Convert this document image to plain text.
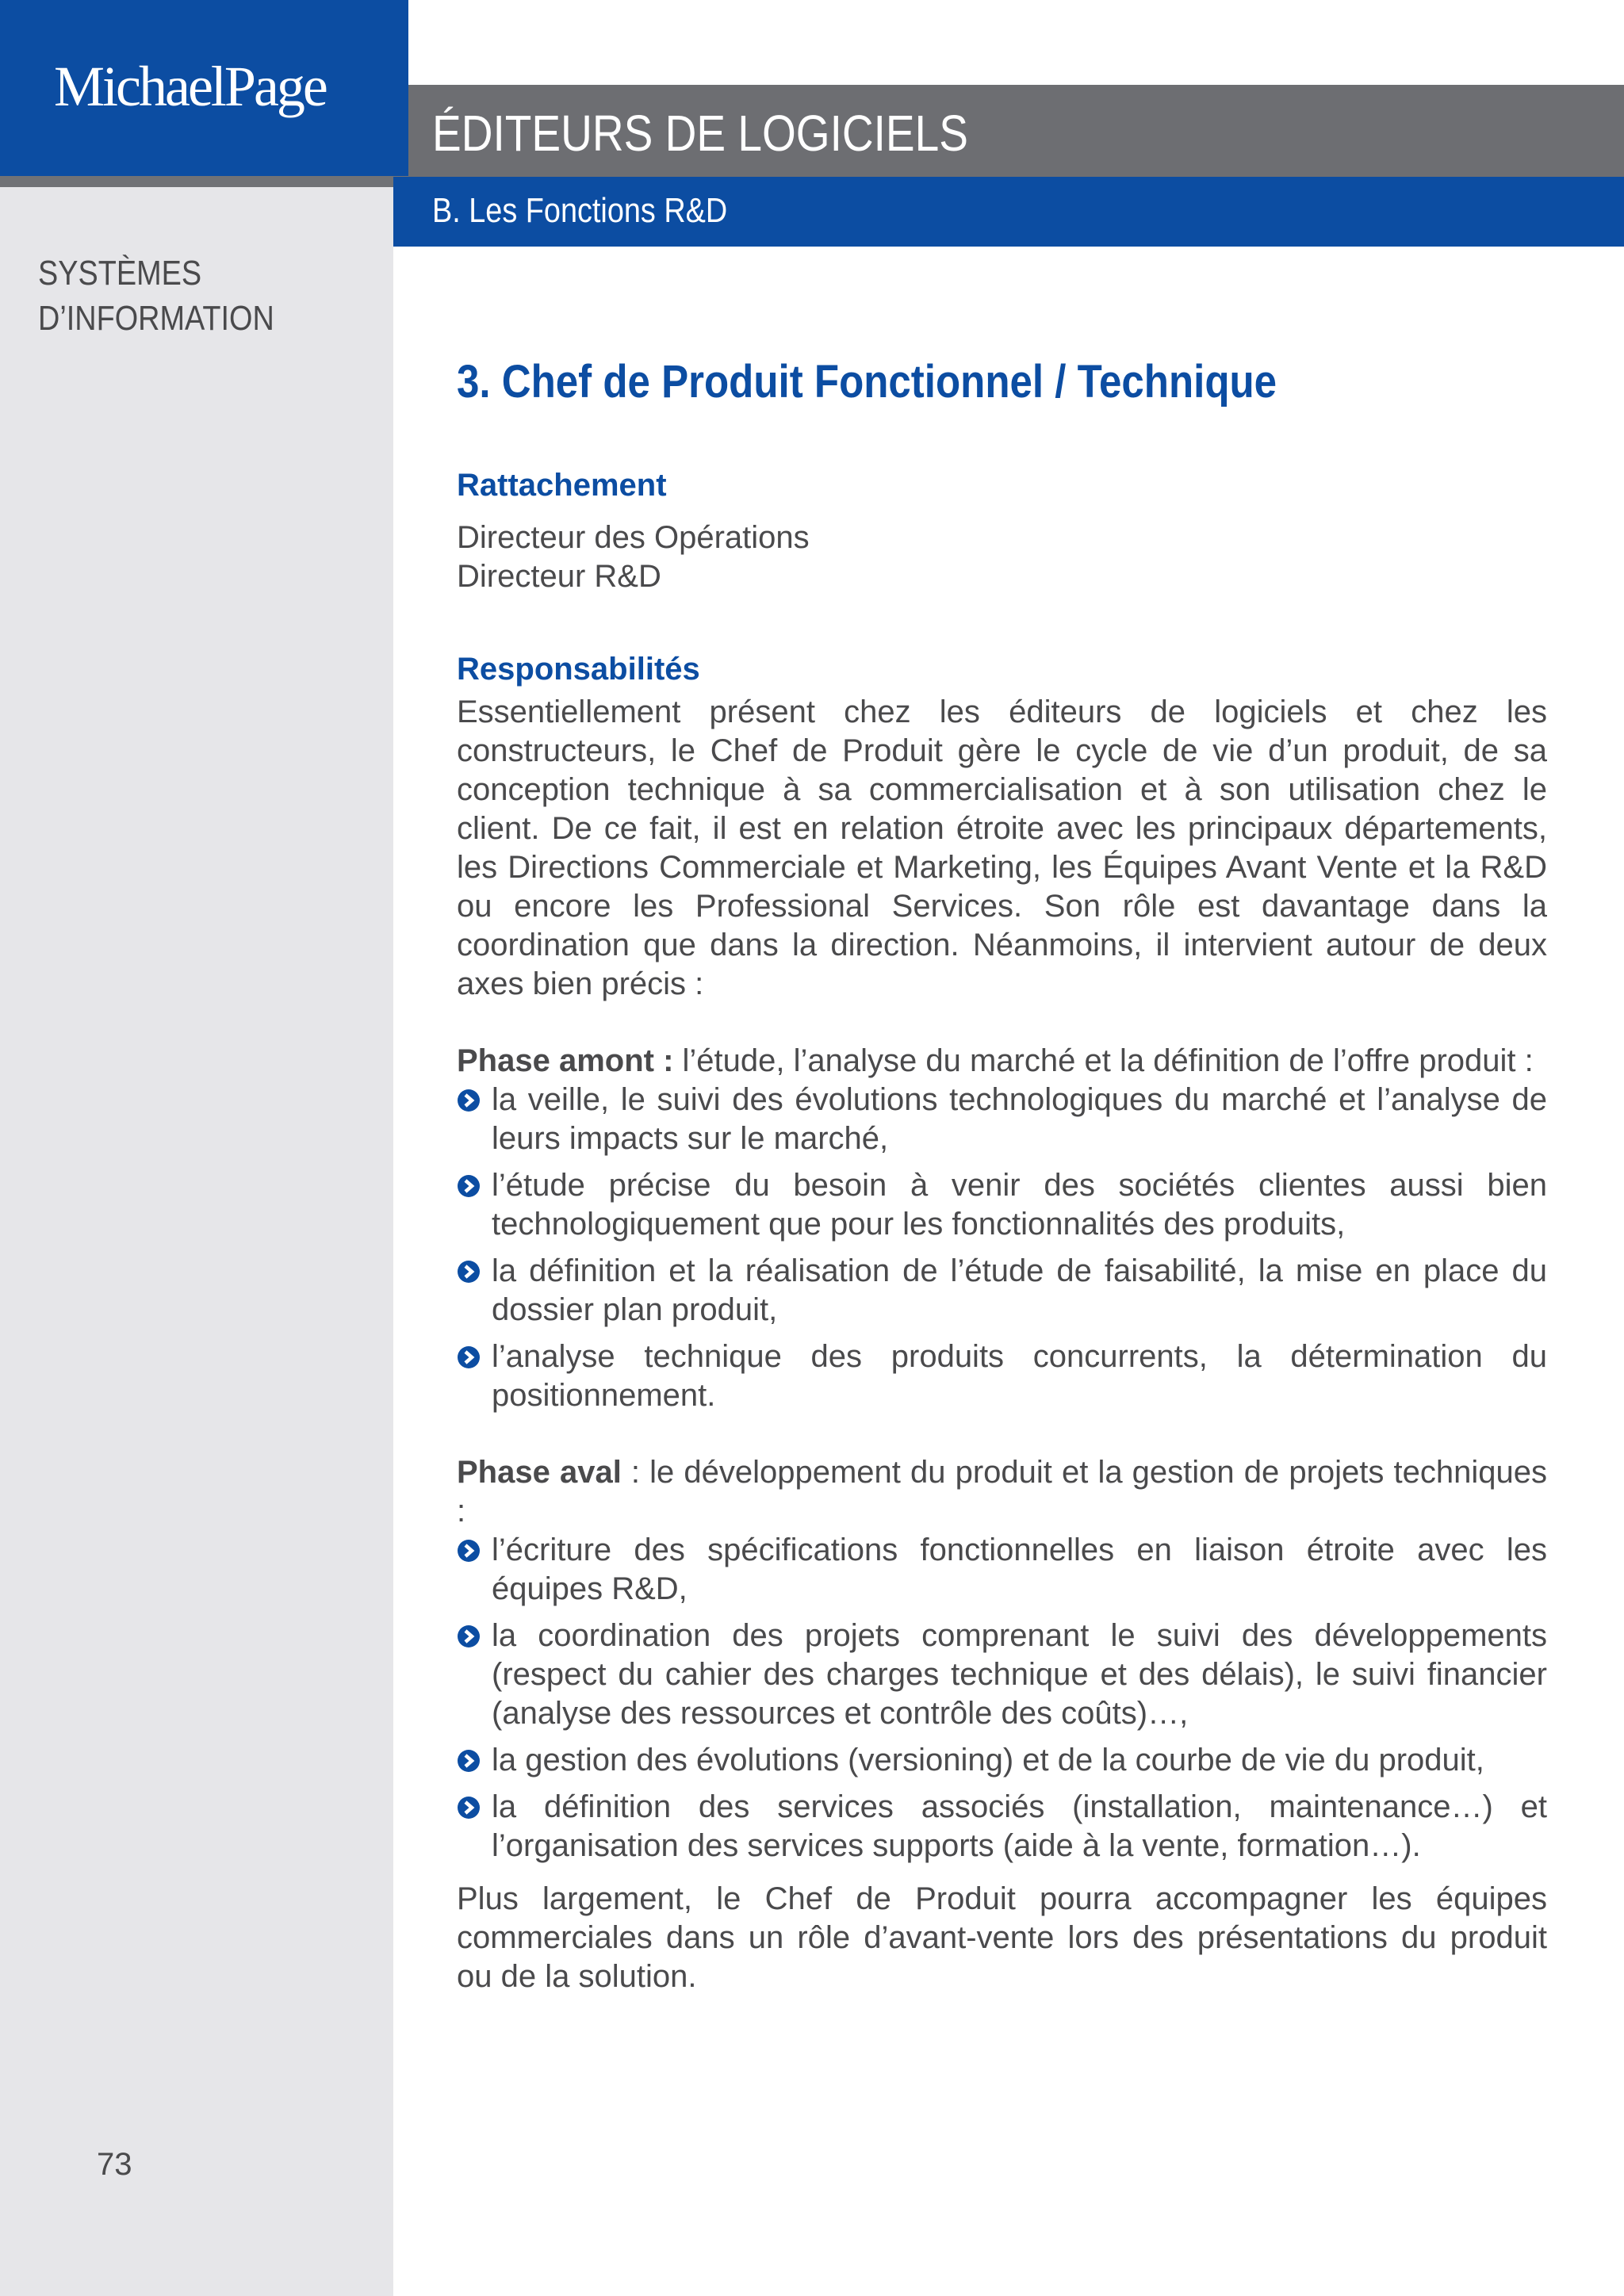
SYSTÈMES
D’INFORMATION
73
MichaelPage
ÉDITEURS DE LOGICIELS
B. Les Fonctions R&D
3. Chef de Produit Fonctionnel / Technique
Rattachement

Directeur des Opérations

Directeur R&D

Responsabilités

Essentiellement présent chez les éditeurs de logiciels et chez les constructeurs, le Chef de Produit gère le cycle de vie d’un produit, de sa conception technique à sa commercialisation et à son utilisation chez le client. De ce fait, il est en relation étroite avec les principaux départements, les Directions Commerciale et Marketing, les Équipes Avant Vente et la R&D ou encore les Professional Services. Son rôle est davantage dans la coordination que dans la direction. Néanmoins, il intervient autour de deux axes bien précis :

Phase amont : l’étude, l’analyse du marché et la définition de l’offre produit :

la veille, le suivi des évolutions technologiques du marché et l’analyse de leurs impacts sur le marché,
l’étude précise du besoin à venir des sociétés clientes aussi bien technologiquement que pour les fonctionnalités des produits,
la définition et la réalisation de l’étude de faisabilité, la mise en place du dossier plan produit,
l’analyse technique des produits concurrents, la détermination du positionnement.

Phase aval : le développement du produit et la gestion de projets techniques :

l’écriture des spécifications fonctionnelles en liaison étroite avec les équipes R&D,
la coordination des projets comprenant le suivi des développements (respect du cahier des charges technique et des délais), le suivi financier (analyse des ressources et contrôle des coûts)…,
la gestion des évolutions (versioning) et de la courbe de vie du produit,
la définition des services associés (installation, maintenance…) et l’organisation des services supports (aide à la vente, formation…).

Plus largement, le Chef de Produit pourra accompagner les équipes commerciales dans un rôle d’avant-vente lors des présentations du produit ou de la solution.
